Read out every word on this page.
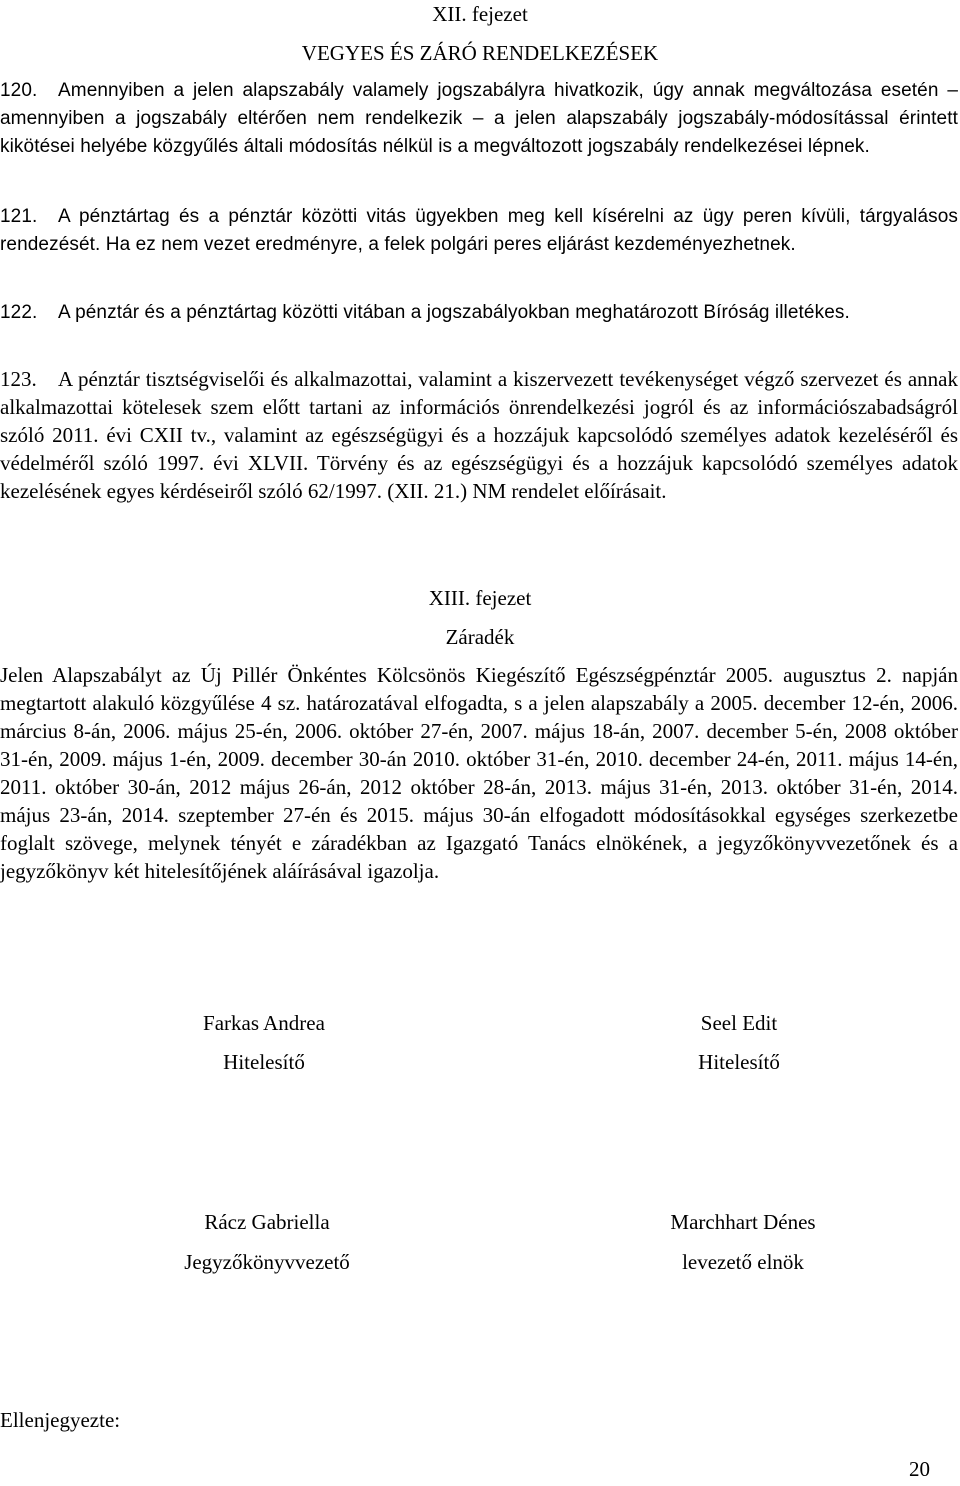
XII. fejezet
VEGYES ÉS ZÁRÓ RENDELKEZÉSEK
120. Amennyiben a jelen alapszabály valamely jogszabályra hivatkozik, úgy annak megváltozása esetén – amennyiben a jogszabály eltérően nem rendelkezik – a jelen alapszabály jogszabály-módosítással érintett kikötései helyébe közgyűlés általi módosítás nélkül is a megváltozott jogszabály rendelkezései lépnek.
121. A pénztártag és a pénztár közötti vitás ügyekben meg kell kísérelni az ügy peren kívüli, tárgyalásos rendezését. Ha ez nem vezet eredményre, a felek polgári peres eljárást kezdeményezhetnek.
122. A pénztár és a pénztártag közötti vitában a jogszabályokban meghatározott Bíróság illetékes.
123. A pénztár tisztségviselői és alkalmazottai, valamint a kiszervezett tevékenységet végző szervezet és annak alkalmazottai kötelesek szem előtt tartani az információs önrendelkezési jogról és az információszabadságról szóló 2011. évi CXII tv., valamint az egészségügyi és a hozzájuk kapcsolódó személyes adatok kezeléséről és védelméről szóló 1997. évi XLVII. Törvény és az egészségügyi és a hozzájuk kapcsolódó személyes adatok kezelésének egyes kérdéseiről szóló 62/1997. (XII. 21.) NM rendelet előírásait.
XIII. fejezet
Záradék
Jelen Alapszabályt az Új Pillér Önkéntes Kölcsönös Kiegészítő Egészségpénztár 2005. augusztus 2. napján megtartott alakuló közgyűlése 4 sz. határozatával elfogadta, s a jelen alapszabály a 2005. december 12-én, 2006. március 8-án, 2006. május 25-én, 2006. október 27-én, 2007. május 18-án, 2007. december 5-én, 2008 október 31-én, 2009. május 1-én, 2009. december 30-án 2010. október 31-én, 2010. december 24-én, 2011. május 14-én, 2011. október 30-án, 2012 május 26-án, 2012 október 28-án, 2013. május 31-én, 2013. október 31-én, 2014. május 23-án, 2014. szeptember 27-én és 2015. május 30-án elfogadott módosításokkal egységes szerkezetbe foglalt szövege, melynek tényét e záradékban az Igazgató Tanács elnökének, a jegyzőkönyvvezetőnek és a jegyzőkönyv két hitelesítőjének aláírásával igazolja.
Farkas Andrea
Hitelesítő
Seel Edit
Hitelesítő
Rácz Gabriella
Jegyzőkönyvvezető
Marchhart Dénes
levezető elnök
Ellenjegyezte:
20
